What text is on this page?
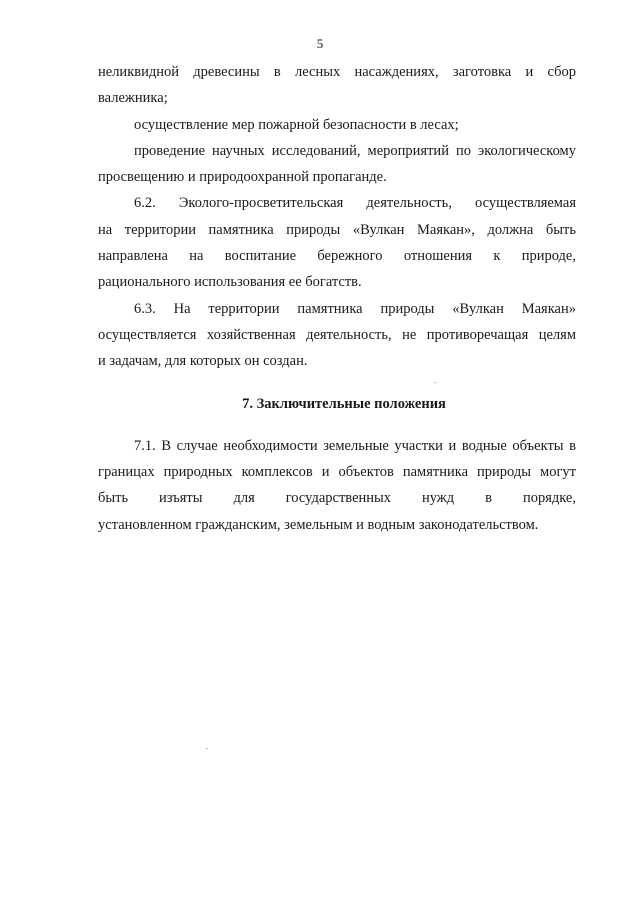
5
неликвидной древесины в лесных насаждениях, заготовка и сбор
валежника;
осуществление мер пожарной безопасности в лесах;
проведение научных исследований, мероприятий по экологическому
просвещению и природоохранной пропаганде.
6.2. Эколого-просветительская деятельность, осуществляемая
на территории памятника природы «Вулкан Маякан», должна быть
направлена на воспитание бережного отношения к природе,
рационального использования ее богатств.
6.3. На территории памятника природы «Вулкан Маякан»
осуществляется хозяйственная деятельность, не противоречащая целям
и задачам, для которых он создан.
7. Заключительные положения
7.1. В случае необходимости земельные участки и водные объекты в
границах природных комплексов и объектов памятника природы могут
быть изъяты для государственных нужд в порядке,
установленном гражданским, земельным и водным законодательством.
